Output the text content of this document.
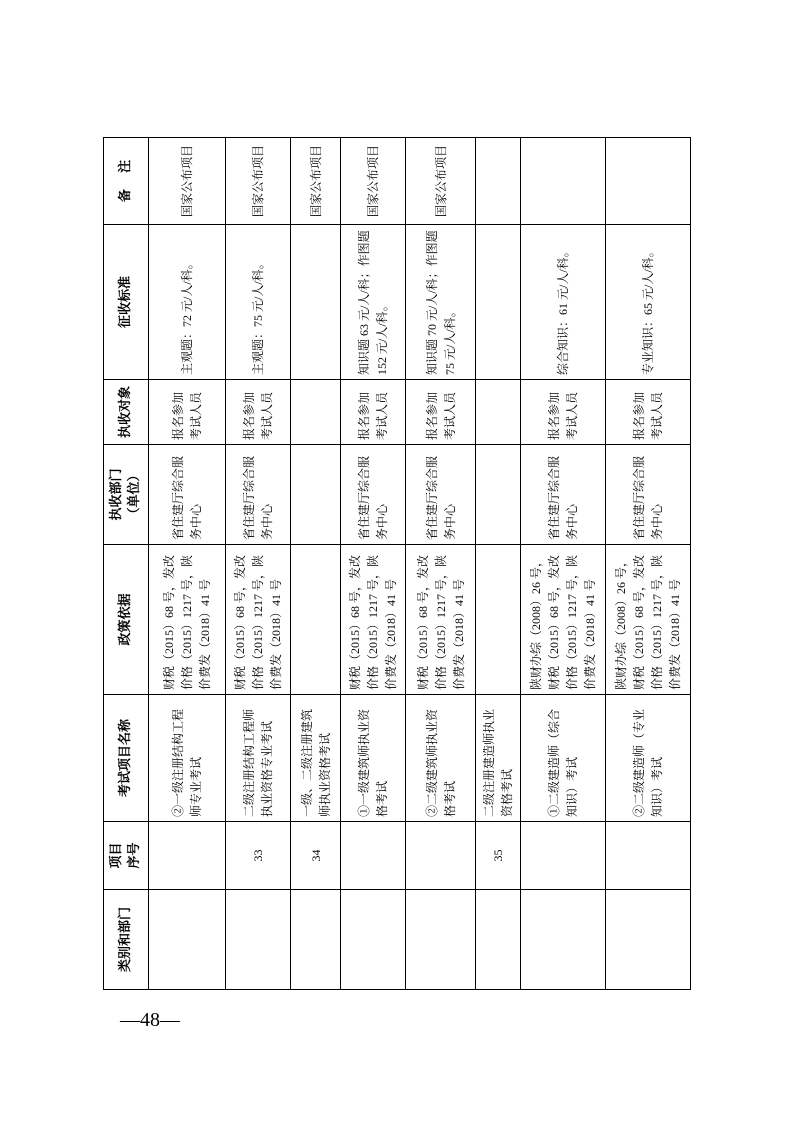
类别和部门	项目 序号	考试项目名称	政策依据	执收部门 （单位）	执收对象	征收标准	备 注
		②一级注册结构工程师专业考试	财税（2015）68 号，发改价格（2015）1217 号，陕价费发（2018）41 号	省住建厅综合服务中心	报名参加考试人员	主观题：72 元/人/科。	国家公布项目
	33	二级注册结构工程师执业资格专业考试	财税（2015）68 号，发改价格（2015）1217 号，陕价费发（2018）41 号	省住建厅综合服务中心	报名参加考试人员	主观题：75 元/人/科。	国家公布项目
	34	一级、二级注册建筑师执业资格考试					国家公布项目
		①一级建筑师执业资格考试	财税（2015）68 号，发改价格（2015）1217 号，陕价费发（2018）41 号	省住建厅综合服务中心	报名参加考试人员	知识题 63 元/人/科；作图题 152 元/人/科。	国家公布项目
		②二级建筑师执业资格考试	财税（2015）68 号，发改价格（2015）1217 号，陕价费发（2018）41 号	省住建厅综合服务中心	报名参加考试人员	知识题 70 元/人/科；作图题 75 元/人/科。	国家公布项目
	35	二级注册建造师执业资格考试					
		①二级建造师（综合知识）考试	陕财办综（2008）26 号，财税（2015）68 号，发改价格（2015）1217 号，陕价费发（2018）41 号	省住建厅综合服务中心	报名参加考试人员	综合知识：61 元/人/科。	
		②二级建造师（专业知识）考试	陕财办综（2008）26 号，财税（2015）68 号，发改价格（2015）1217 号，陕价费发（2018）41 号	省住建厅综合服务中心	报名参加考试人员	专业知识：65 元/人/科。	
—48—
